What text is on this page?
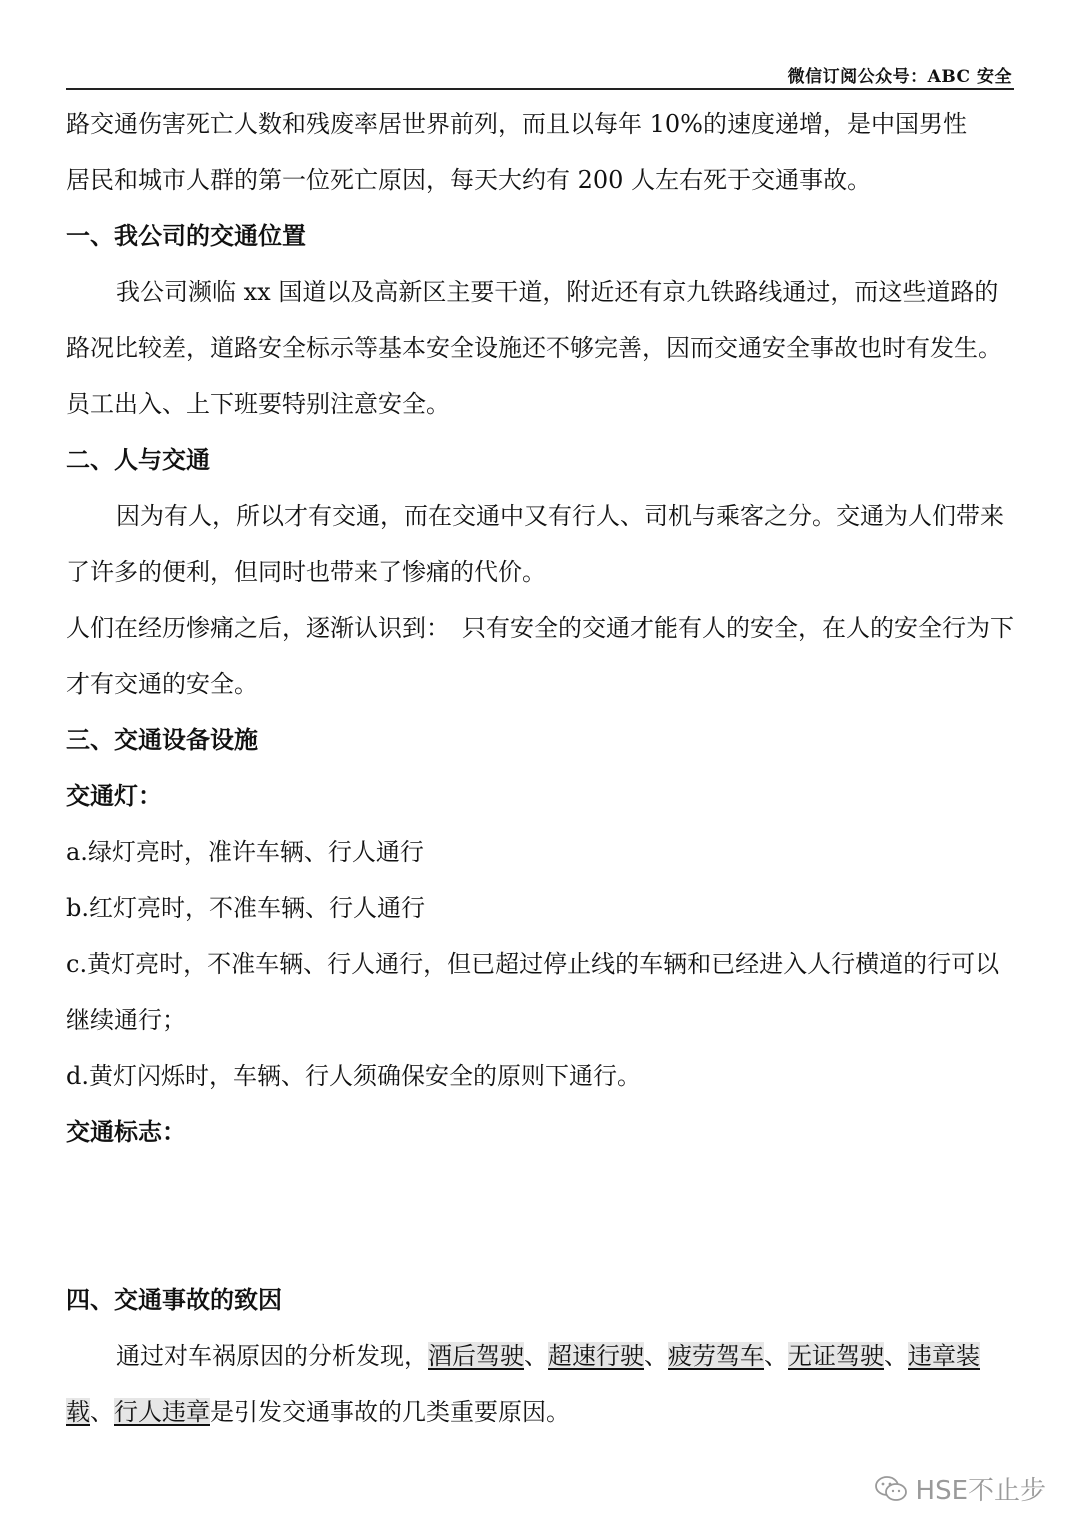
微信订阅公众号：ABC 安全

路交通伤害死亡人数和残废率居世界前列，而且以每年 10%的速度递增，是中国男性

居民和城市人群的第一位死亡原因，每天大约有 200 人左右死于交通事故。

一、我公司的交通位置

我公司濒临 xx 国道以及高新区主要干道，附近还有京九铁路线通过，而这些道路的路况比较差，道路安全标示等基本安全设施还不够完善，因而交通安全事故也时有发生。员工出入、上下班要特别注意安全。

二、人与交通

因为有人，所以才有交通，而在交通中又有行人、司机与乘客之分。交通为人们带来了许多的便利，但同时也带来了惨痛的代价。

人们在经历惨痛之后，逐渐认识到：　只有安全的交通才能有人的安全，在人的安全行为下才有交通的安全。

三、交通设备设施

交通灯：

a.绿灯亮时，准许车辆、行人通行

b.红灯亮时，不准车辆、行人通行

c.黄灯亮时，不准车辆、行人通行，但已超过停止线的车辆和已经进入人行横道的行可以继续通行；

d.黄灯闪烁时，车辆、行人须确保安全的原则下通行。

交通标志：

四、交通事故的致因

通过对车祸原因的分析发现，酒后驾驶、超速行驶、疲劳驾车、无证驾驶、违章装载、行人违章是引发交通事故的几类重要原因。

HSE不止步
